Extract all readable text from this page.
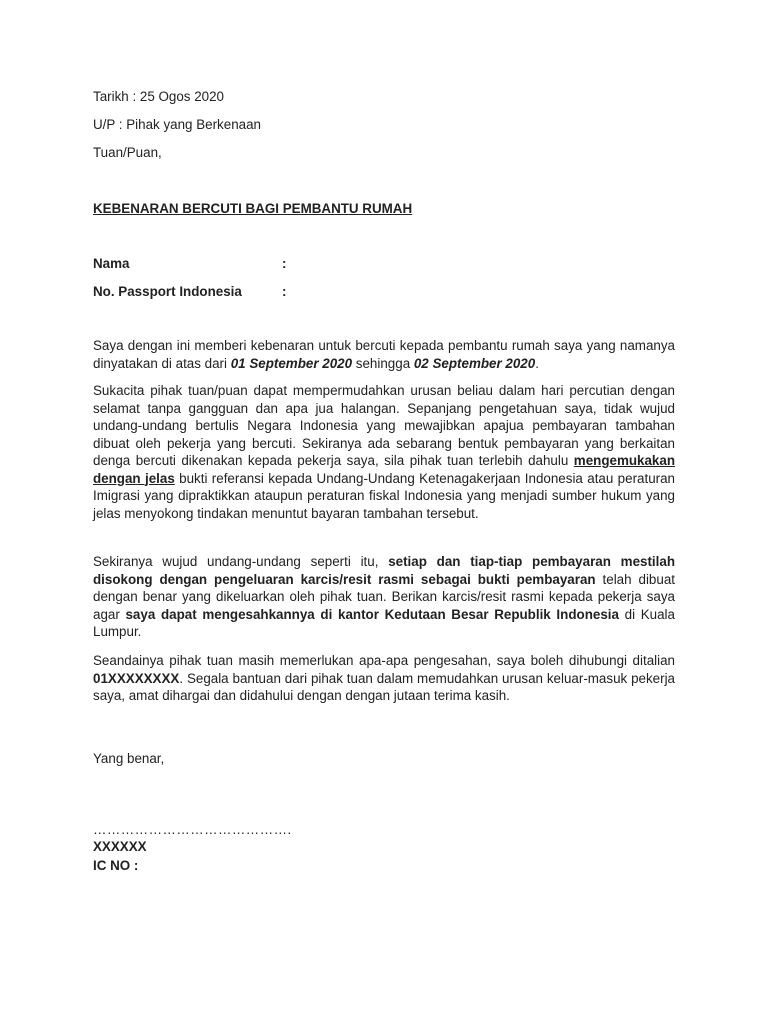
Tarikh : 25 Ogos 2020
U/P : Pihak yang Berkenaan
Tuan/Puan,
KEBENARAN BERCUTI BAGI PEMBANTU RUMAH
Nama	:
No. Passport Indonesia	:
Saya dengan ini memberi kebenaran untuk bercuti kepada pembantu rumah saya yang namanya dinyatakan di atas dari 01 September 2020 sehingga 02 September 2020.
Sukacita pihak tuan/puan dapat mempermudahkan urusan beliau dalam hari percutian dengan selamat tanpa gangguan dan apa jua halangan. Sepanjang pengetahuan saya, tidak wujud undang-undang bertulis Negara Indonesia yang mewajibkan apajua pembayaran tambahan dibuat oleh pekerja yang bercuti. Sekiranya ada sebarang bentuk pembayaran yang berkaitan denga bercuti dikenakan kepada pekerja saya, sila pihak tuan terlebih dahulu mengemukakan dengan jelas bukti referansi kepada Undang-Undang Ketenagakerjaan Indonesia atau peraturan Imigrasi yang dipraktikkan ataupun peraturan fiskal Indonesia yang menjadi sumber hukum yang jelas menyokong tindakan menuntut bayaran tambahan tersebut.
Sekiranya wujud undang-undang seperti itu, setiap dan tiap-tiap pembayaran mestilah disokong dengan pengeluaran karcis/resit rasmi sebagai bukti pembayaran telah dibuat dengan benar yang dikeluarkan oleh pihak tuan. Berikan karcis/resit rasmi kepada pekerja saya agar saya dapat mengesahkannya di kantor Kedutaan Besar Republik Indonesia di Kuala Lumpur.
Seandainya pihak tuan masih memerlukan apa-apa pengesahan, saya boleh dihubungi ditalian 01XXXXXXXX. Segala bantuan dari pihak tuan dalam memudahkan urusan keluar-masuk pekerja saya, amat dihargai dan didahului dengan dengan jutaan terima kasih.
Yang benar,
…………………………………….
XXXXXX
IC NO :
